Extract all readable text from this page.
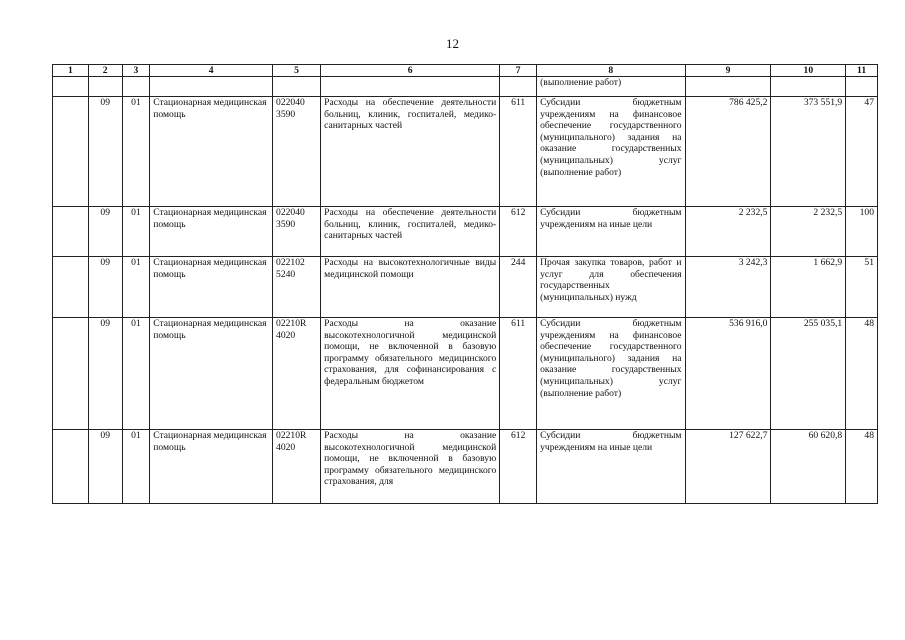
12
1	2	3	4	5	6	7	8	9	10	11
							(выполнение работ)			
	09	01	Стационарная медицинская помощь	022040 3590	Расходы на обеспечение деятельности больниц, клиник, госпиталей, медико-санитарных частей	611	Субсидии бюджетным учреждениям на финансовое обеспечение государственного (муниципального) задания на оказание государственных (муниципальных) услуг (выполнение работ)	786 425,2	373 551,9	47
	09	01	Стационарная медицинская помощь	022040 3590	Расходы на обеспечение деятельности больниц, клиник, госпиталей, медико-санитарных частей	612	Субсидии бюджетным учреждениям на иные цели	2 232,5	2 232,5	100
	09	01	Стационарная медицинская помощь	022102 5240	Расходы на высокотехнологичные виды медицинской помощи	244	Прочая закупка товаров, работ и услуг для обеспечения государственных (муниципальных) нужд	3 242,3	1 662,9	51
	09	01	Стационарная медицинская помощь	02210R 4020	Расходы на оказание высокотехнологичной медицинской помощи, не включенной в базовую программу обязательного медицинского страхования, для софинансирования с федеральным бюджетом	611	Субсидии бюджетным учреждениям на финансовое обеспечение государственного (муниципального) задания на оказание государственных (муниципальных) услуг (выполнение работ)	536 916,0	255 035,1	48
	09	01	Стационарная медицинская помощь	02210R 4020	Расходы на оказание высокотехнологичной медицинской помощи, не включенной в базовую программу обязательного медицинского страхования, для	612	Субсидии бюджетным учреждениям на иные цели	127 622,7	60 620,8	48
